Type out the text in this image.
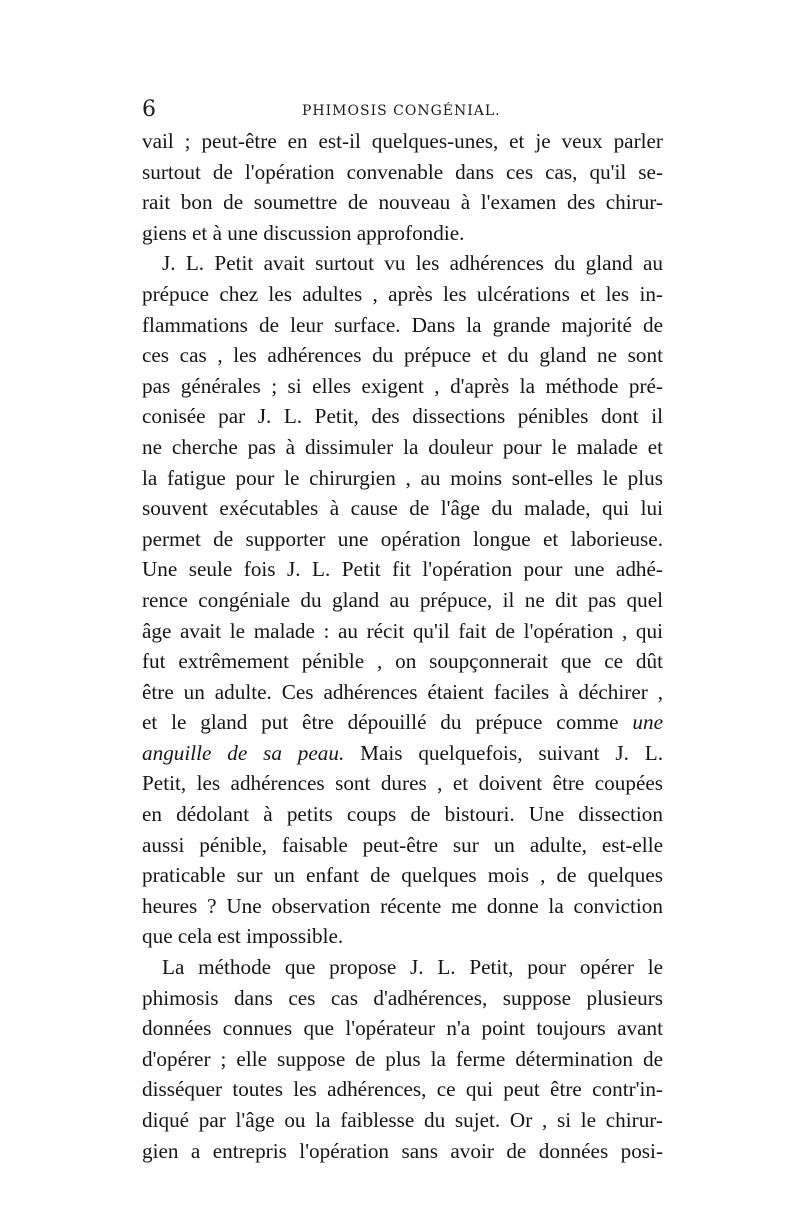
6	PHIMOSIS CONGÉNIAL.
vail ; peut-être en est-il quelques-unes, et je veux parler
surtout de l'opération convenable dans ces cas, qu'il se-
rait bon de soumettre de nouveau à l'examen des chirur-
giens et à une discussion approfondie.
J. L. Petit avait surtout vu les adhérences du gland au
prépuce chez les adultes , après les ulcérations et les in-
flammations de leur surface. Dans la grande majorité de
ces cas , les adhérences du prépuce et du gland ne sont
pas générales ; si elles exigent , d'après la méthode pré-
conisée par J. L. Petit, des dissections pénibles dont il
ne cherche pas à dissimuler la douleur pour le malade et
la fatigue pour le chirurgien , au moins sont-elles le plus
souvent exécutables à cause de l'âge du malade, qui lui
permet de supporter une opération longue et laborieuse.
Une seule fois J. L. Petit fit l'opération pour une adhé-
rence congéniale du gland au prépuce, il ne dit pas quel
âge avait le malade : au récit qu'il fait de l'opération , qui
fut extrêmement pénible , on soupçonnerait que ce dût
être un adulte. Ces adhérences étaient faciles à déchirer ,
et le gland put être dépouillé du prépuce comme une
anguille de sa peau. Mais quelquefois, suivant J. L.
Petit, les adhérences sont dures , et doivent être coupées
en dédolant à petits coups de bistouri. Une dissection
aussi pénible, faisable peut-être sur un adulte, est-elle
praticable sur un enfant de quelques mois , de quelques
heures ? Une observation récente me donne la conviction
que cela est impossible.
La méthode que propose J. L. Petit, pour opérer le
phimosis dans ces cas d'adhérences, suppose plusieurs
données connues que l'opérateur n'a point toujours avant
d'opérer ; elle suppose de plus la ferme détermination de
disséquer toutes les adhérences, ce qui peut être contr'in-
diqué par l'âge ou la faiblesse du sujet. Or , si le chirur-
gien a entrepris l'opération sans avoir de données posi-
